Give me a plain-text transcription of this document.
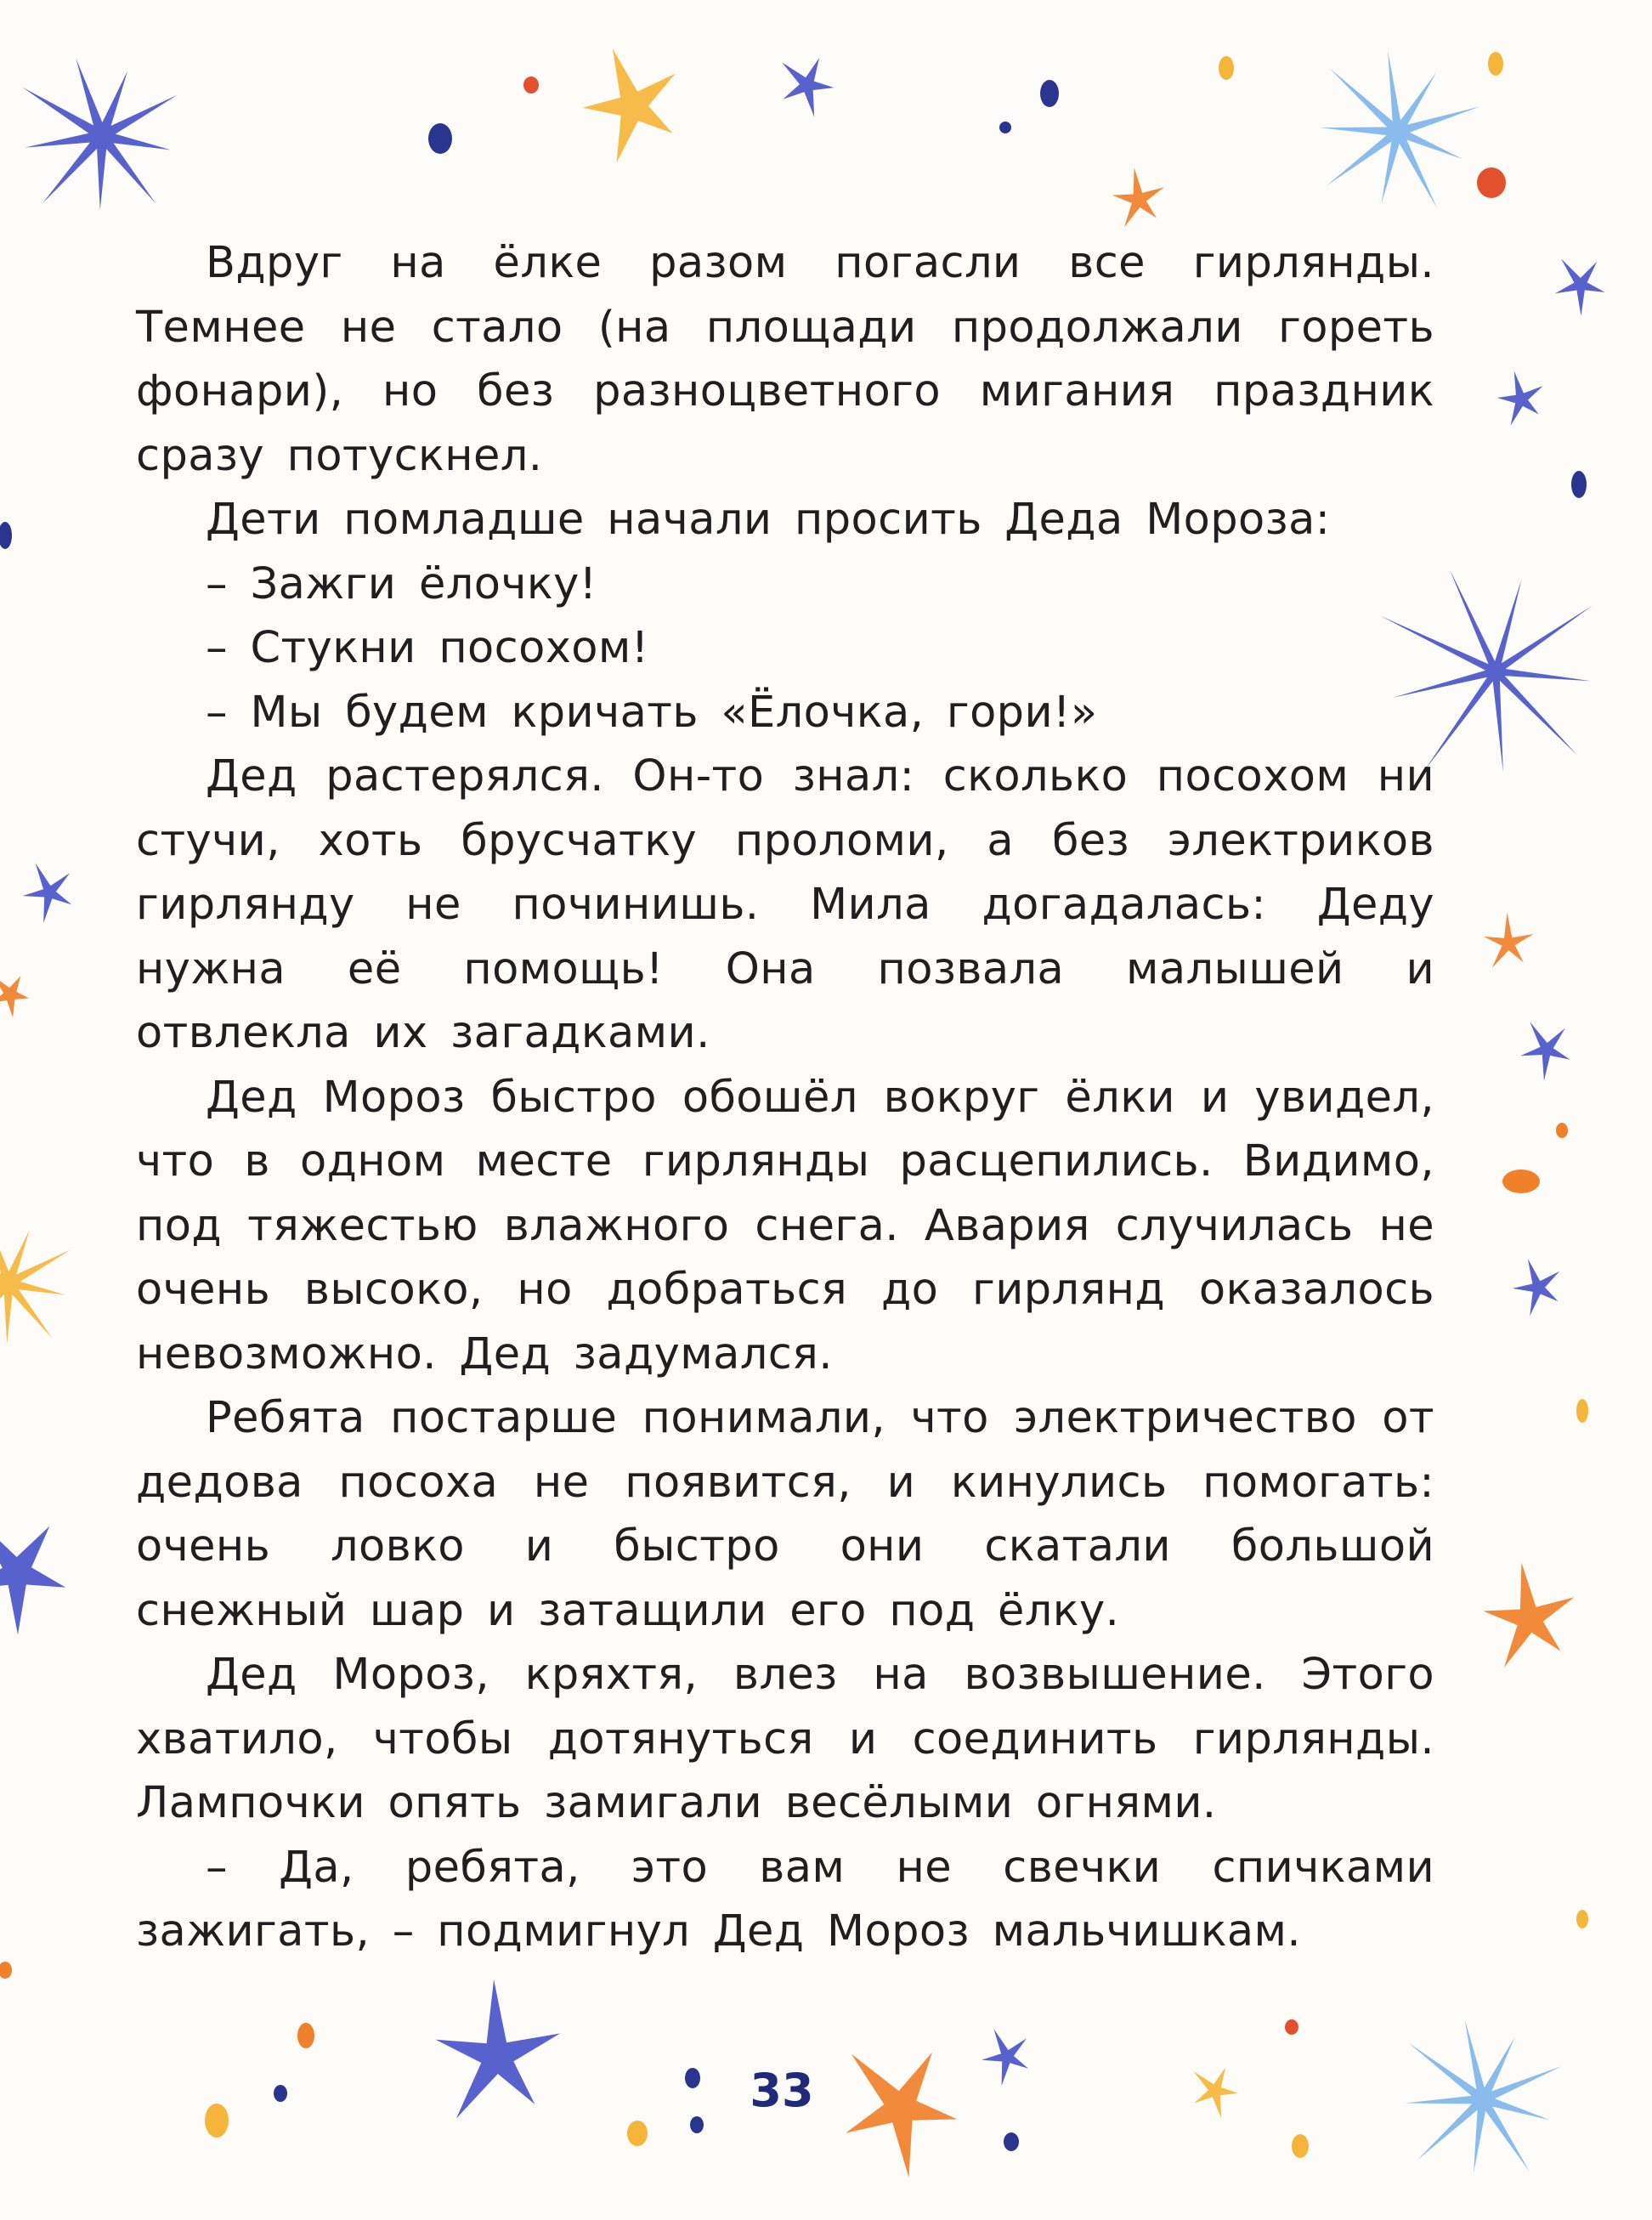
Вдруг на ёлке разом погасли все гирлянды. Темнее не стало (на площади продолжали гореть фонари), но без разноцветного мигания праздник сразу потускнел.

Дети помладше начали просить Деда Мороза:

– Зажги ёлочку!

– Стукни посохом!

– Мы будем кричать «Ёлочка, гори!»

Дед растерялся. Он-то знал: сколько посохом ни стучи, хоть брусчатку проломи, а без электриков гирлянду не починишь. Мила догадалась: Деду нужна её помощь! Она позвала малышей и отвлекла их загадками.

Дед Мороз быстро обошёл вокруг ёлки и увидел, что в одном месте гирлянды расцепились. Видимо, под тяжестью влажного снега. Авария случилась не очень высоко, но добраться до гирлянд оказалось невозможно. Дед задумался.

Ребята постарше понимали, что электричество от дедова посоха не появится, и кинулись помогать: очень ловко и быстро они скатали большой снежный шар и затащили его под ёлку.

Дед Мороз, кряхтя, влез на возвышение. Этого хватило, чтобы дотянуться и соединить гирлянды. Лампочки опять замигали весёлыми огнями.

– Да, ребята, это вам не свечки спичками зажигать, – подмигнул Дед Мороз мальчишкам.

33
